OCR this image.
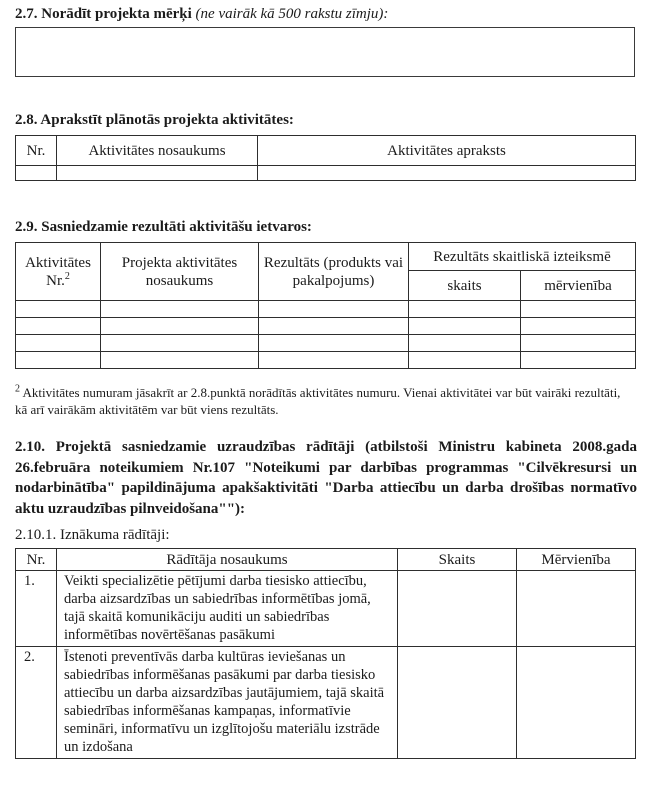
2.7. Norādīt projekta mērķi (ne vairāk kā 500 rakstu zīmju):
2.8. Aprakstīt plānotās projekta aktivitātes:
Nr.	Aktivitātes nosaukums	Aktivitātes apraksts

2.9. Sasniedzamie rezultāti aktivitāšu ietvaros:
Aktivitātes
Nr.$^2$	Projekta aktivitātes nosaukums	Rezultāts (produkts vai pakalpojums)	Rezultāts skaitliskā izteiksmē	
			skaits	mērvienība

$^2$ Aktivitātes numuram jāsakrīt ar 2.8.punktā norādītās aktivitātes numuru. Vienai aktivitātei var būt vairāki rezultāti, kā arī vairākām aktivitātēm var būt viens rezultāts.
2.10. Projektā sasniedzamie uzraudzības rādītāji (atbilstoši Ministru kabineta 2008.gada 26.februāra noteikumiem Nr.107 "Noteikumi par darbības programmas "Cilvēkresursi un nodarbinātība" papildinājuma apakšaktivitāti "Darba attiecību un darba drošības normatīvo aktu uzraudzības pilnveidošana""):
2.10.1. Iznākuma rādītāji:
Nr.	Rādītāja nosaukums	Skaits	Mērvienība
1.	Veikti specializētie pētījumi darba tiesisko attiecību, darba aizsardzības un sabiedrības informētības jomā, tajā skaitā komunikāciju auditi un sabiedrības informētības novērtēšanas pasākumi		
2.	Īstenoti preventīvās darba kultūras ieviešanas un sabiedrības informēšanas pasākumi par darba tiesisko attiecību un darba aizsardzības jautājumiem, tajā skaitā sabiedrības informēšanas kampaņas, informatīvie semināri, informatīvu un izglītojošu materiālu izstrāde un izdošana		
